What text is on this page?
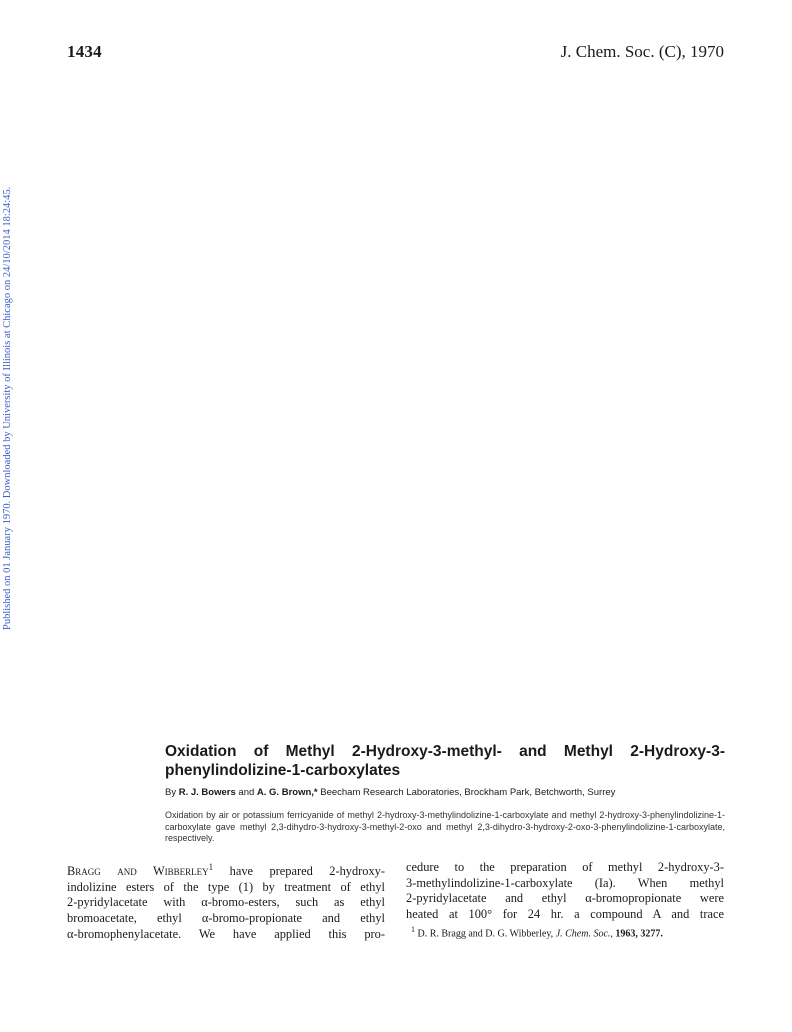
1434	J. Chem. Soc. (C), 1970
Published on 01 January 1970. Downloaded by University of Illinois at Chicago on 24/10/2014 18:24:45.
Oxidation of Methyl 2-Hydroxy-3-methyl- and Methyl 2-Hydroxy-3-phenylindolizine-1-carboxylates
By R. J. Bowers and A. G. Brown,* Beecham Research Laboratories, Brockham Park, Betchworth, Surrey
Oxidation by air or potassium ferricyanide of methyl 2-hydroxy-3-methylindolizine-1-carboxylate and methyl 2-hydroxy-3-phenylindolizine-1-carboxylate gave methyl 2,3-dihydro-3-hydroxy-3-methyl-2-oxo and methyl 2,3-dihydro-3-hydroxy-2-oxo-3-phenylindolizine-1-carboxylate, respectively.
Bragg and Wibberley$^1$ have prepared 2-hydroxy-
indolizine esters of the type (1) by treatment of ethyl
2-pyridylacetate with α-bromo-esters, such as ethyl
bromoacetate, ethyl α-bromo-propionate and ethyl
α-bromophenylacetate. We have applied this pro-
cedure to the preparation of methyl 2-hydroxy-3-
3-methylindolizine-1-carboxylate (Ia). When methyl
2-pyridylacetate and ethyl α-bromopropionate were
heated at 100° for 24 hr. a compound A and trace
$^1$ D. R. Bragg and D. G. Wibberley, J. Chem. Soc., 1963, 3277.
